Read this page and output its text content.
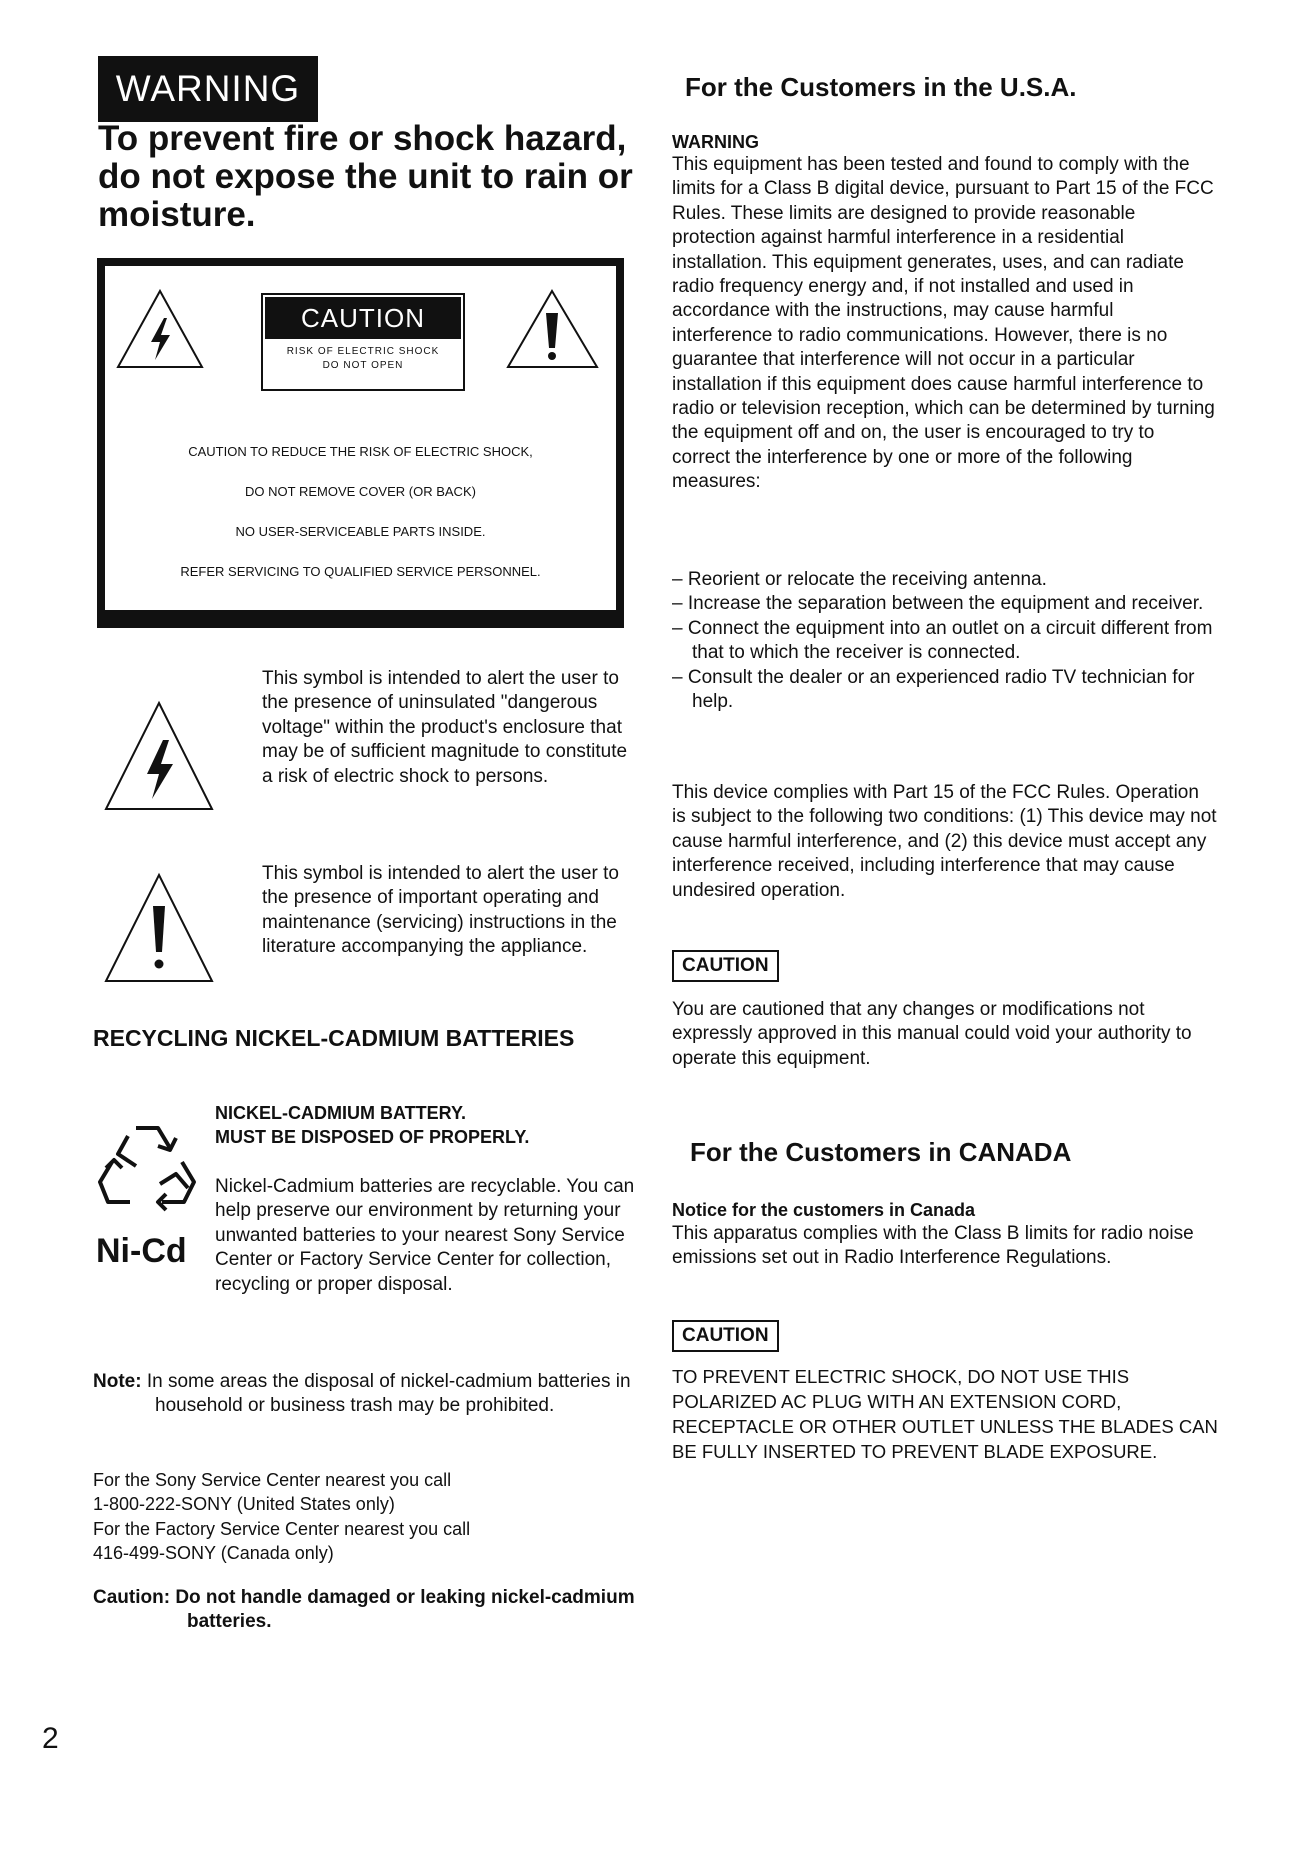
WARNING
To prevent fire or shock hazard, do not expose the unit to rain or moisture.
CAUTION
RISK OF ELECTRIC SHOCK
DO NOT OPEN
CAUTION TO REDUCE THE RISK OF ELECTRIC SHOCK,
DO NOT REMOVE COVER (OR BACK)
NO USER-SERVICEABLE PARTS INSIDE.
REFER SERVICING TO QUALIFIED SERVICE PERSONNEL.
This symbol is intended to alert the user to the presence of uninsulated "dangerous voltage" within the product's enclosure that may be of sufficient magnitude to constitute a risk of electric shock to persons.
This symbol is intended to alert the user to the presence of important operating and maintenance (servicing) instructions in the literature accompanying the appliance.
RECYCLING NICKEL-CADMIUM BATTERIES
Ni-Cd
NICKEL-CADMIUM BATTERY.
MUST BE DISPOSED OF PROPERLY.

Nickel-Cadmium batteries are recyclable. You can help preserve our environment by returning your unwanted batteries to your nearest Sony Service Center or Factory Service Center for collection, recycling or proper disposal.

Note: In some areas the disposal of nickel-cadmium batteries in household or business trash may be prohibited.

For the Sony Service Center nearest you call
1-800-222-SONY (United States only)
For the Factory Service Center nearest you call
416-499-SONY (Canada only)

Caution: Do not handle damaged or leaking nickel-cadmium batteries.

2
For the Customers in the U.S.A.
WARNING

This equipment has been tested and found to comply with the limits for a Class B digital device, pursuant to Part 15 of the FCC Rules. These limits are designed to provide reasonable protection against harmful interference in a residential installation. This equipment generates, uses, and can radiate radio frequency energy and, if not installed and used in accordance with the instructions, may cause harmful interference to radio communications. However, there is no guarantee that interference will not occur in a particular installation if this equipment does cause harmful interference to radio or television reception, which can be determined by turning the equipment off and on, the user is encouraged to try to correct the interference by one or more of the following measures:

– Reorient or relocate the receiving antenna.
– Increase the separation between the equipment and receiver.
– Connect the equipment into an outlet on a circuit different from that to which the receiver is connected.
– Consult the dealer or an experienced radio TV technician for help.

This device complies with Part 15 of the FCC Rules. Operation is subject to the following two conditions: (1) This device may not cause harmful interference, and (2) this device must accept any interference received, including interference that may cause undesired operation.

CAUTION

You are cautioned that any changes or modifications not expressly approved in this manual could void your authority to operate this equipment.

For the Customers in CANADA
Notice for the customers in Canada

This apparatus complies with the Class B limits for radio noise emissions set out in Radio Interference Regulations.

CAUTION

TO PREVENT ELECTRIC SHOCK, DO NOT USE THIS POLARIZED AC PLUG WITH AN EXTENSION CORD, RECEPTACLE OR OTHER OUTLET UNLESS THE BLADES CAN BE FULLY INSERTED TO PREVENT BLADE EXPOSURE.
